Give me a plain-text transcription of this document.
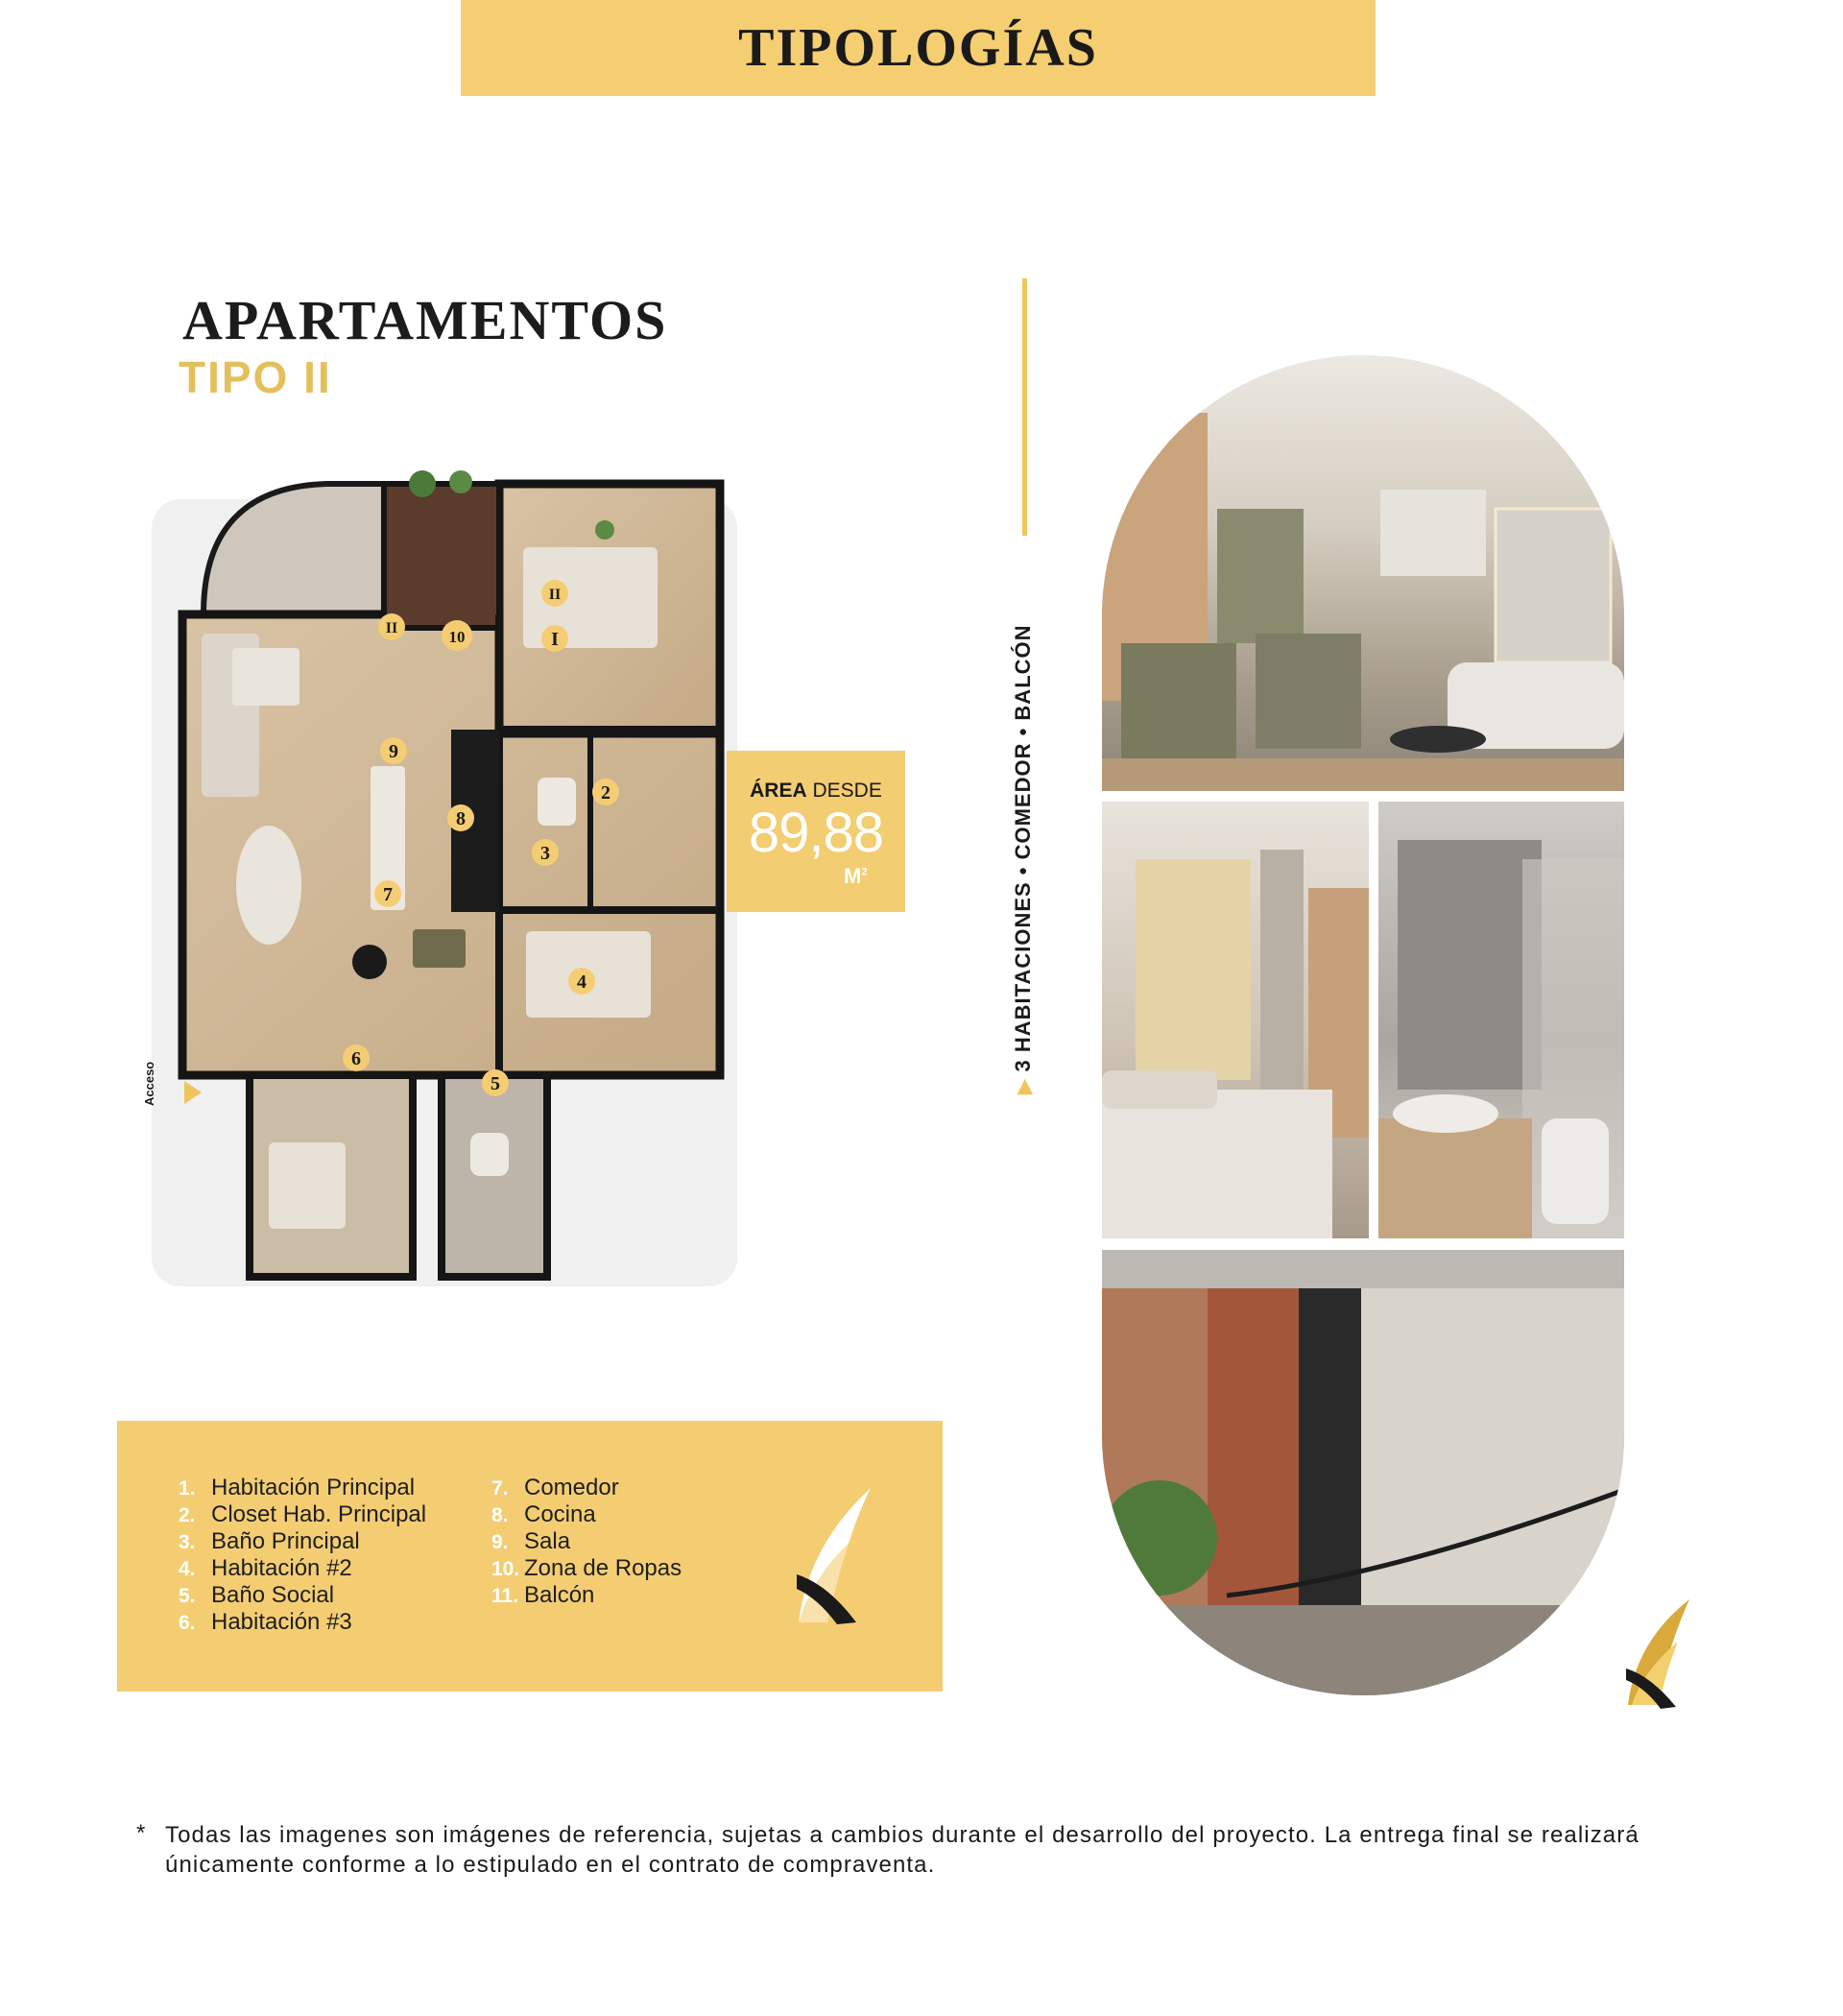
TIPOLOGÍAS
APARTAMENTOS
TIPO II
Acceso
I
2
3
4
5
6
7
8
9
10
II
II
ÁREA DESDE
89,88
$M^2$
▶ 3 HABITACIONES • COMEDOR • BALCÓN
1. Habitación Principal
2. Closet Hab. Principal
3. Baño Principal
4. Habitación #2
5. Baño Social
6. Habitación #3
7. Comedor
8. Cocina
9. Sala
10. Zona de Ropas
11. Balcón
* Todas las imagenes son imágenes de referencia, sujetas a cambios durante el desarrollo del proyecto. La entrega final se realizará únicamente conforme a lo estipulado en el contrato de compraventa.
